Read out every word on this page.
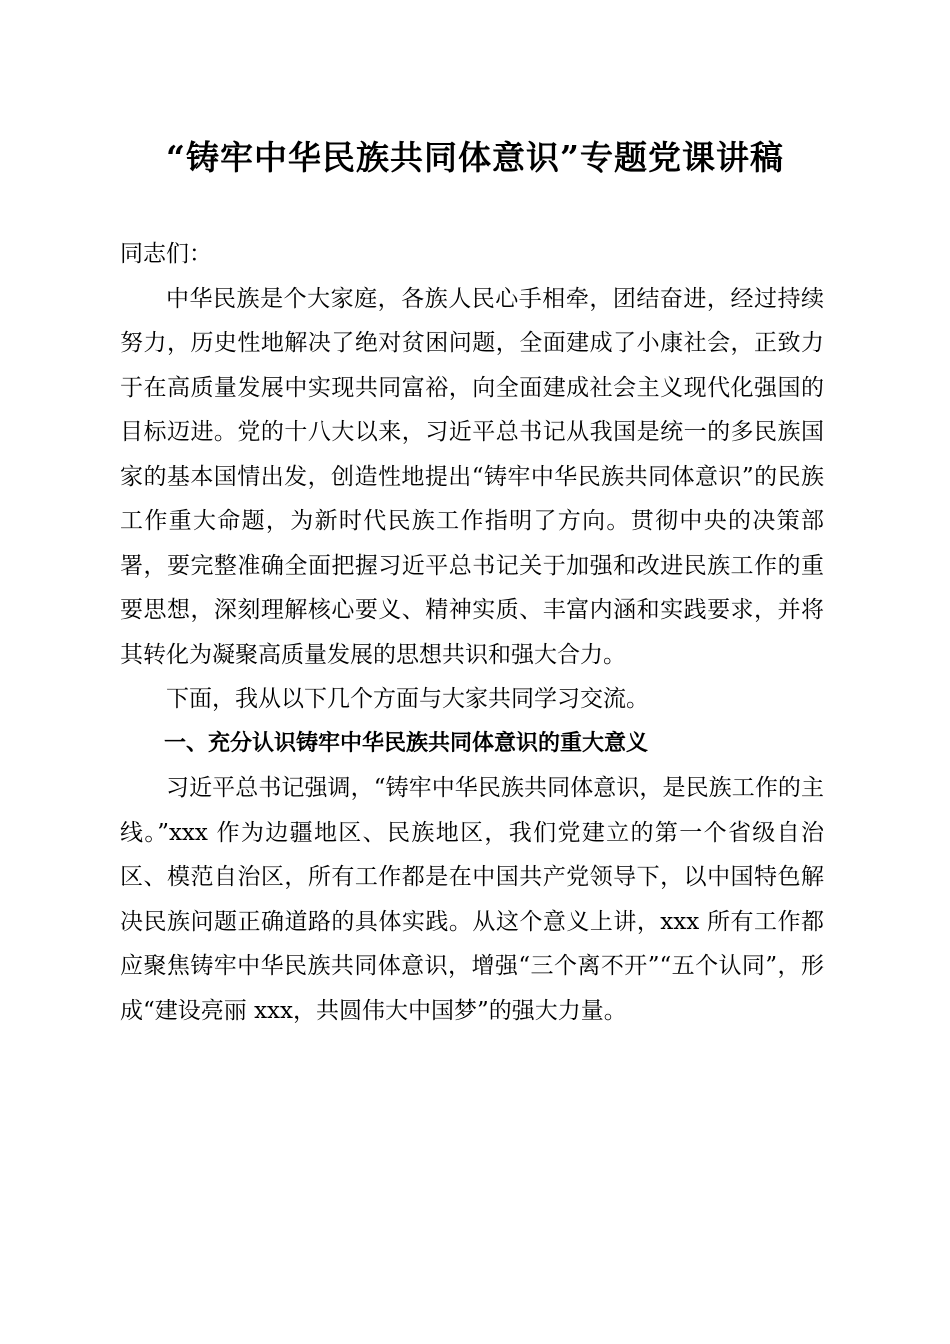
“铸牢中华民族共同体意识”专题党课讲稿

同志们：

中华民族是个大家庭，各族人民心手相牵，团结奋进，经过持续努力，历史性地解决了绝对贫困问题，全面建成了小康社会，正致力于在高质量发展中实现共同富裕，向全面建成社会主义现代化强国的目标迈进。党的十八大以来，习近平总书记从我国是统一的多民族国家的基本国情出发，创造性地提出“铸牢中华民族共同体意识”的民族工作重大命题，为新时代民族工作指明了方向。贯彻中央的决策部署，要完整准确全面把握习近平总书记关于加强和改进民族工作的重要思想，深刻理解核心要义、精神实质、丰富内涵和实践要求，并将其转化为凝聚高质量发展的思想共识和强大合力。

下面，我从以下几个方面与大家共同学习交流。

一、充分认识铸牢中华民族共同体意识的重大意义

习近平总书记强调，“铸牢中华民族共同体意识，是民族工作的主线。”xxx 作为边疆地区、民族地区，我们党建立的第一个省级自治区、模范自治区，所有工作都是在中国共产党领导下，以中国特色解决民族问题正确道路的具体实践。从这个意义上讲，xxx 所有工作都应聚焦铸牢中华民族共同体意识，增强“三个离不开”“五个认同”，形成“建设亮丽 xxx，共圆伟大中国梦”的强大力量。
